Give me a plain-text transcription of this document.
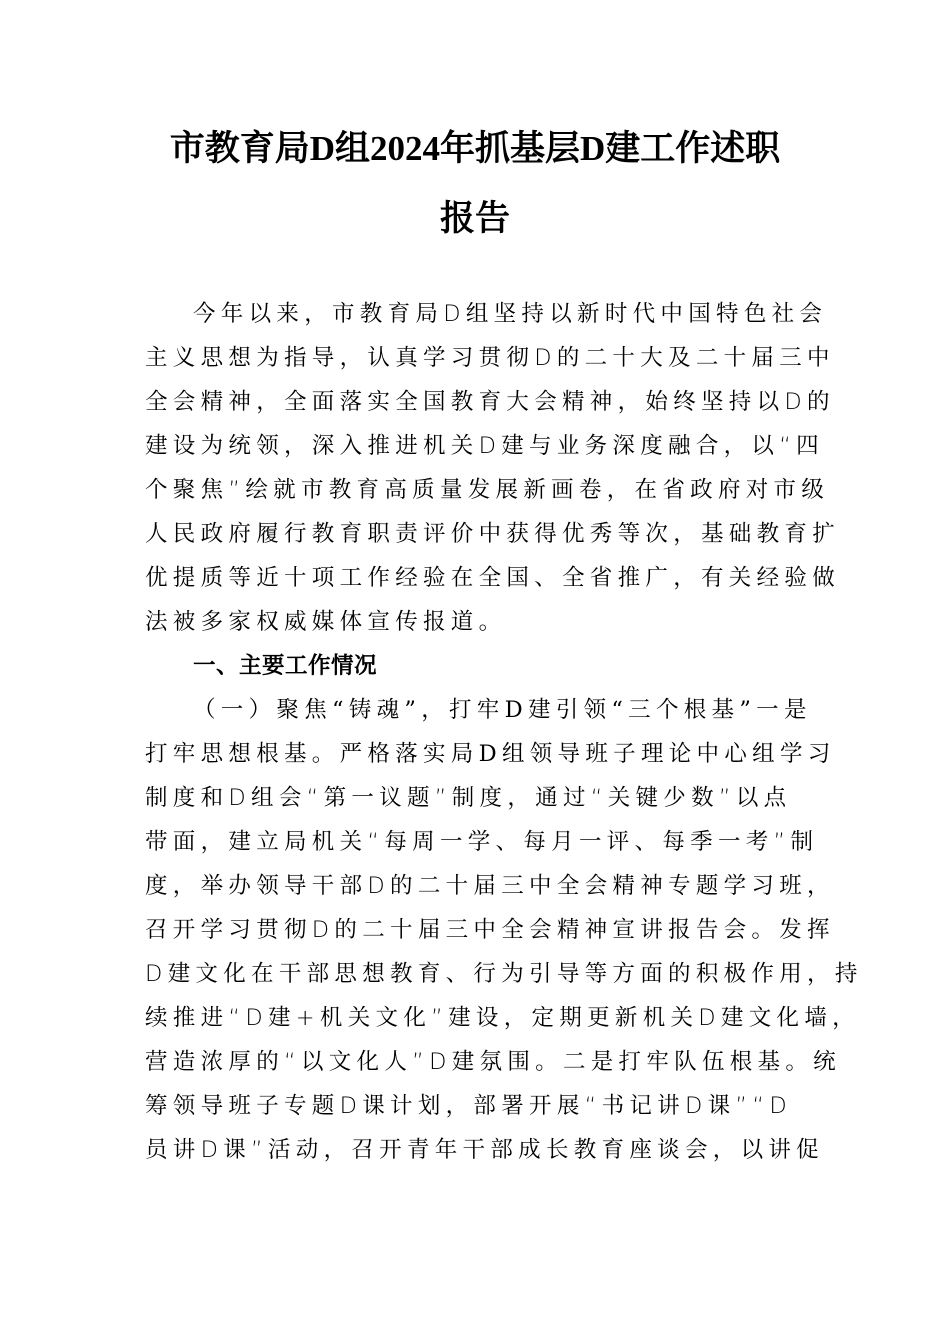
市教育局D组2024年抓基层D建工作述职
报告
今年以来，市教育局D组坚持以新时代中国特色社会
主义思想为指导，认真学习贯彻D的二十大及二十届三中
全会精神，全面落实全国教育大会精神，始终坚持以D的
建设为统领，深入推进机关D建与业务深度融合，以“四
个聚焦”绘就市教育高质量发展新画卷，在省政府对市级
人民政府履行教育职责评价中获得优秀等次，基础教育扩
优提质等近十项工作经验在全国、全省推广，有关经验做
法被多家权威媒体宣传报道。
一、主要工作情况
（一）聚焦“铸魂”，打牢D建引领“三个根基”一是
打牢思想根基。严格落实局D组领导班子理论中心组学习
制度和D组会“第一议题”制度，通过“关键少数”以点
带面，建立局机关“每周一学、每月一评、每季一考”制
度，举办领导干部D的二十届三中全会精神专题学习班，
召开学习贯彻D的二十届三中全会精神宣讲报告会。发挥
D建文化在干部思想教育、行为引导等方面的积极作用，持
续推进“D建+机关文化”建设，定期更新机关D建文化墙，
营造浓厚的“以文化人”D建氛围。二是打牢队伍根基。统
筹领导班子专题D课计划，部署开展“书记讲D课”“D
员讲D课”活动，召开青年干部成长教育座谈会，以讲促
